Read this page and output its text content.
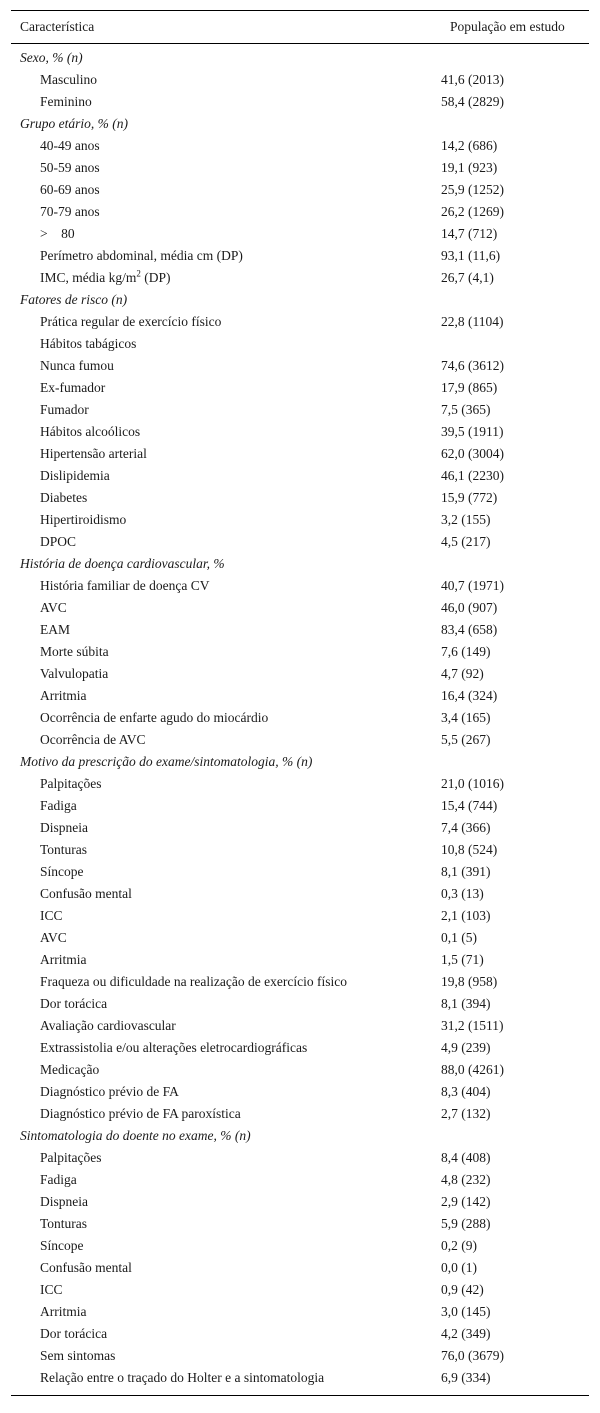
Característica	População em estudo
Sexo, % (n)
Masculino	41,6 (2013)
Feminino	58,4 (2829)
Grupo etário, % (n)
40-49 anos	14,2 (686)
50-59 anos	19,1 (923)
60-69 anos	25,9 (1252)
70-79 anos	26,2 (1269)
>    80	14,7 (712)
Perímetro abdominal, média cm (DP)	93,1 (11,6)
IMC, média $kg/m^2$ (DP)	26,7 (4,1)
Fatores de risco (n)
Prática regular de exercício físico	22,8 (1104)
Hábitos tabágicos
Nunca fumou	74,6 (3612)
Ex-fumador	17,9 (865)
Fumador	7,5 (365)
Hábitos alcoólicos	39,5 (1911)
Hipertensão arterial	62,0 (3004)
Dislipidemia	46,1 (2230)
Diabetes	15,9 (772)
Hipertiroidismo	3,2 (155)
DPOC	4,5 (217)
História de doença cardiovascular, %
História familiar de doença CV	40,7 (1971)
AVC	46,0 (907)
EAM	83,4 (658)
Morte súbita	7,6 (149)
Valvulopatia	4,7 (92)
Arritmia	16,4 (324)
Ocorrência de enfarte agudo do miocárdio	3,4 (165)
Ocorrência de AVC	5,5 (267)
Motivo da prescrição do exame/sintomatologia, % (n)
Palpitações	21,0 (1016)
Fadiga	15,4 (744)
Dispneia	7,4 (366)
Tonturas	10,8 (524)
Síncope	8,1 (391)
Confusão mental	0,3 (13)
ICC	2,1 (103)
AVC	0,1 (5)
Arritmia	1,5 (71)
Fraqueza ou dificuldade na realização de exercício físico	19,8 (958)
Dor torácica	8,1 (394)
Avaliação cardiovascular	31,2 (1511)
Extrassistolia e/ou alterações eletrocardiográficas	4,9 (239)
Medicação	88,0 (4261)
Diagnóstico prévio de FA	8,3 (404)
Diagnóstico prévio de FA paroxística	2,7 (132)
Sintomatologia do doente no exame, % (n)
Palpitações	8,4 (408)
Fadiga	4,8 (232)
Dispneia	2,9 (142)
Tonturas	5,9 (288)
Síncope	0,2 (9)
Confusão mental	0,0 (1)
ICC	0,9 (42)
Arritmia	3,0 (145)
Dor torácica	4,2 (349)
Sem sintomas	76,0 (3679)
Relação entre o traçado do Holter e a sintomatologia	6,9 (334)
